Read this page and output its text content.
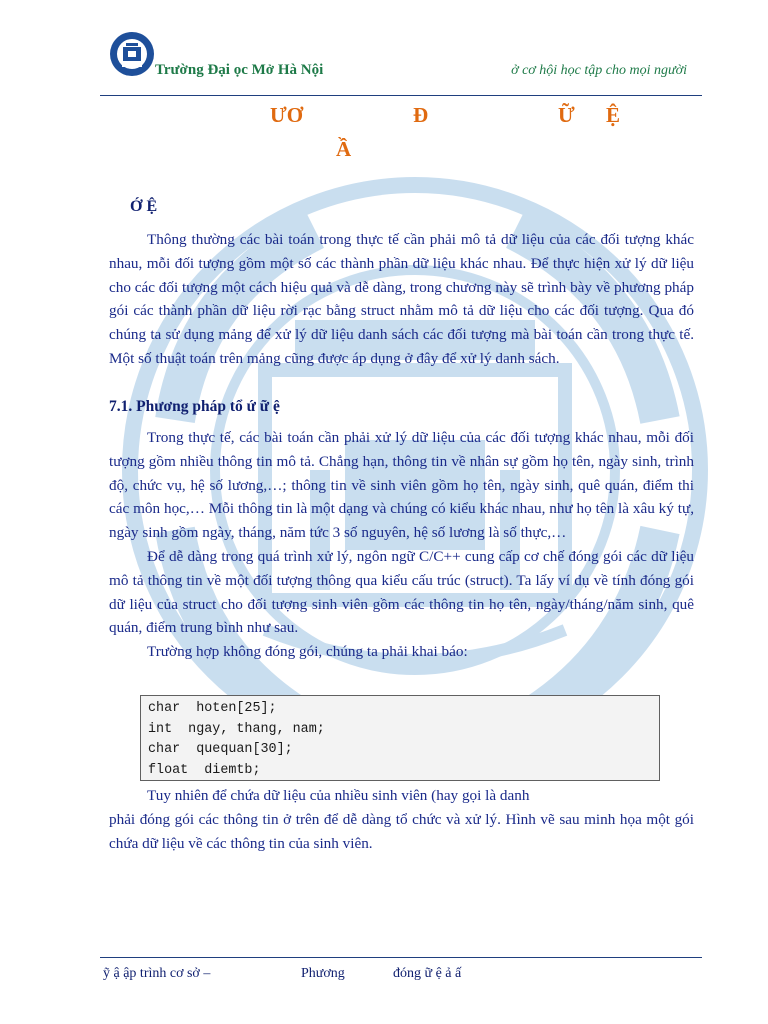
Trường Đại ọc Mở Hà Nội	ở cơ hội học tập cho mọi người
ƯƠ	Đ	Ữ Ệ
Ầ
Ớ Ệ

Thông thường các bài toán trong thực tế cần phải mô tả dữ liệu của các đối tượng khác nhau, mỗi đối tượng gồm một số các thành phần dữ liệu khác nhau. Để thực hiện xử lý dữ liệu cho các đối tượng một cách hiệu quả và dễ dàng, trong chương này sẽ trình bày về phương pháp gói các thành phần dữ liệu rời rạc bằng struct nhằm mô tả dữ liệu cho các đối tượng. Qua đó chúng ta sử dụng mảng để xử lý dữ liệu danh sách các đối tượng mà bài toán cần trong thực tế. Một số thuật toán trên mảng cũng được áp dụng ở đây để xử lý danh sách.

7.1. Phương pháp tổ ứ ữ ệ

Trong thực tế, các bài toán cần phải xử lý dữ liệu của các đối tượng khác nhau, mỗi đối tượng gồm nhiều thông tin mô tả. Chẳng hạn, thông tin về nhân sự gồm họ tên, ngày sinh, trình độ, chức vụ, hệ số lương,…; thông tin về sinh viên gồm họ tên, ngày sinh, quê quán, điểm thi các môn học,… Mỗi thông tin là một dạng và chúng có kiểu khác nhau, như họ tên là xâu ký tự, ngày sinh gồm ngày, tháng, năm tức 3 số nguyên, hệ số lương là số thực,…

Để dễ dàng trong quá trình xử lý, ngôn ngữ C/C++ cung cấp cơ chế đóng gói các dữ liệu mô tả thông tin về một đối tượng thông qua kiểu cấu trúc (struct). Ta lấy ví dụ về tính đóng gói dữ liệu của struct cho đối tượng sinh viên gồm các thông tin họ tên, ngày/tháng/năm sinh, quê quán, điểm trung bình như sau.

Trường hợp không đóng gói, chúng ta phải khai báo:

char  hoten[25];
int  ngay, thang, nam;
char  quequan[30];
float  diemtb;

Tuy nhiên để chứa dữ liệu của nhiều sinh viên (hay gọi là danh

phải đóng gói các thông tin ở trên để dễ dàng tổ chức và xử lý. Hình vẽ sau minh họa một gói chứa dữ liệu về các thông tin của sinh viên.

ỹ ậ ập trình cơ sở –	Phương	đóng ữ ệ ả ấ
